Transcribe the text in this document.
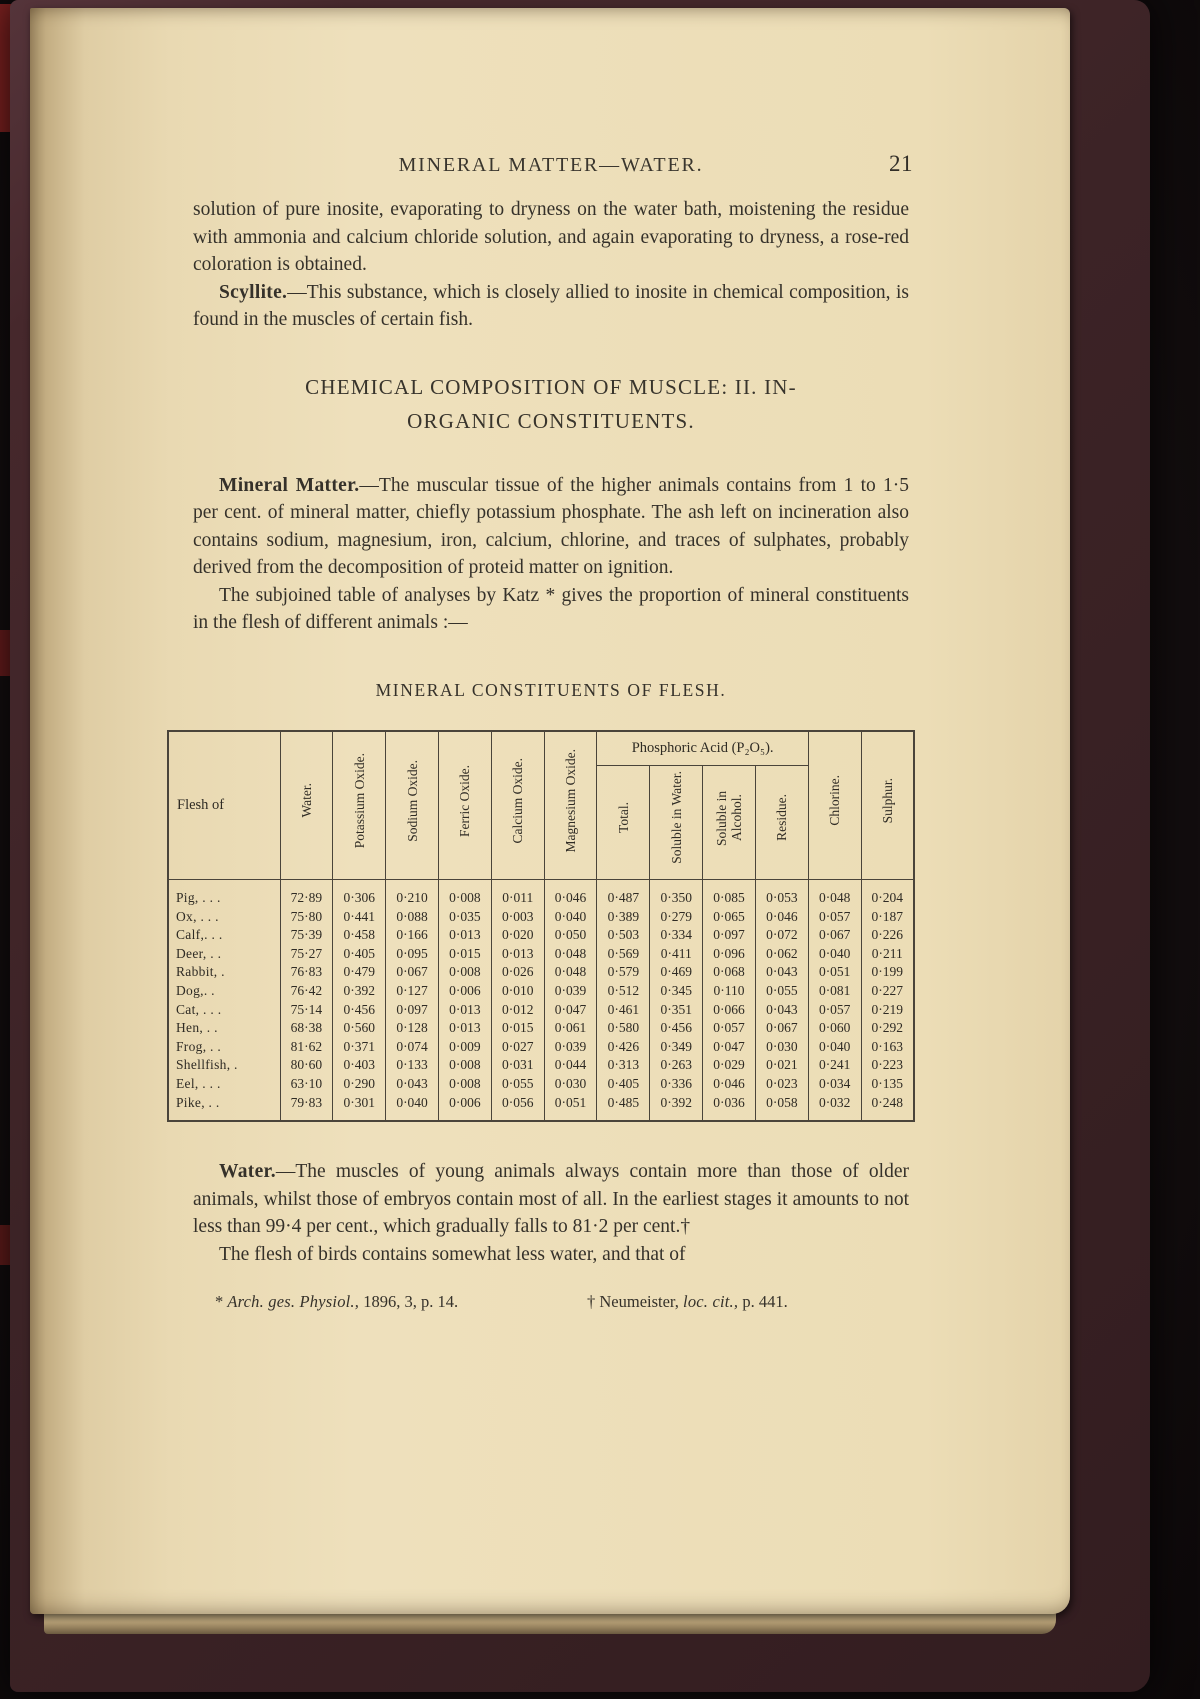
MINERAL MATTER—WATER.	21

solution of pure inosite, evaporating to dryness on the water bath, moistening the residue with ammonia and calcium chloride solution, and again evaporating to dryness, a rose-red coloration is obtained.

Scyllite.—This substance, which is closely allied to inosite in chemical composition, is found in the muscles of certain fish.

CHEMICAL COMPOSITION OF MUSCLE: II. IN-
ORGANIC CONSTITUENTS.

Mineral Matter.—The muscular tissue of the higher animals contains from 1 to 1·5 per cent. of mineral matter, chiefly potassium phosphate. The ash left on incineration also contains sodium, magnesium, iron, calcium, chlorine, and traces of sulphates, probably derived from the decomposition of proteid matter on ignition.

The subjoined table of analyses by Katz * gives the proportion of mineral constituents in the flesh of different animals :—

MINERAL CONSTITUENTS OF FLESH.
Flesh of	Water.	Potassium Oxide.	Sodium Oxide.	Ferric Oxide.	Calcium Oxide.	Magnesium Oxide.	Phosphoric Acid (P₂O₅).				Chlorine.	Sulphur.
							Total.	Soluble in Water.	Soluble in Alcohol.	Residue.		
Pig, . . .	72·89	0·306	0·210	0·008	0·011	0·046	0·487	0·350	0·085	0·053	0·048	0·204
Ox, . . .	75·80	0·441	0·088	0·035	0·003	0·040	0·389	0·279	0·065	0·046	0·057	0·187
Calf,. . .	75·39	0·458	0·166	0·013	0·020	0·050	0·503	0·334	0·097	0·072	0·067	0·226
Deer, . .	75·27	0·405	0·095	0·015	0·013	0·048	0·569	0·411	0·096	0·062	0·040	0·211
Rabbit, .	76·83	0·479	0·067	0·008	0·026	0·048	0·579	0·469	0·068	0·043	0·051	0·199
Dog,. .	76·42	0·392	0·127	0·006	0·010	0·039	0·512	0·345	0·110	0·055	0·081	0·227
Cat, . . .	75·14	0·456	0·097	0·013	0·012	0·047	0·461	0·351	0·066	0·043	0·057	0·219
Hen, . .	68·38	0·560	0·128	0·013	0·015	0·061	0·580	0·456	0·057	0·067	0·060	0·292
Frog, . .	81·62	0·371	0·074	0·009	0·027	0·039	0·426	0·349	0·047	0·030	0·040	0·163
Shellfish, .	80·60	0·403	0·133	0·008	0·031	0·044	0·313	0·263	0·029	0·021	0·241	0·223
Eel, . . .	63·10	0·290	0·043	0·008	0·055	0·030	0·405	0·336	0·046	0·023	0·034	0·135
Pike, . .	79·83	0·301	0·040	0·006	0·056	0·051	0·485	0·392	0·036	0·058	0·032	0·248

Water.—The muscles of young animals always contain more than those of older animals, whilst those of embryos contain most of all. In the earliest stages it amounts to not less than 99·4 per cent., which gradually falls to 81·2 per cent.†

The flesh of birds contains somewhat less water, and that of

* Arch. ges. Physiol., 1896, 3, p. 14.	† Neumeister, loc. cit., p. 441.
